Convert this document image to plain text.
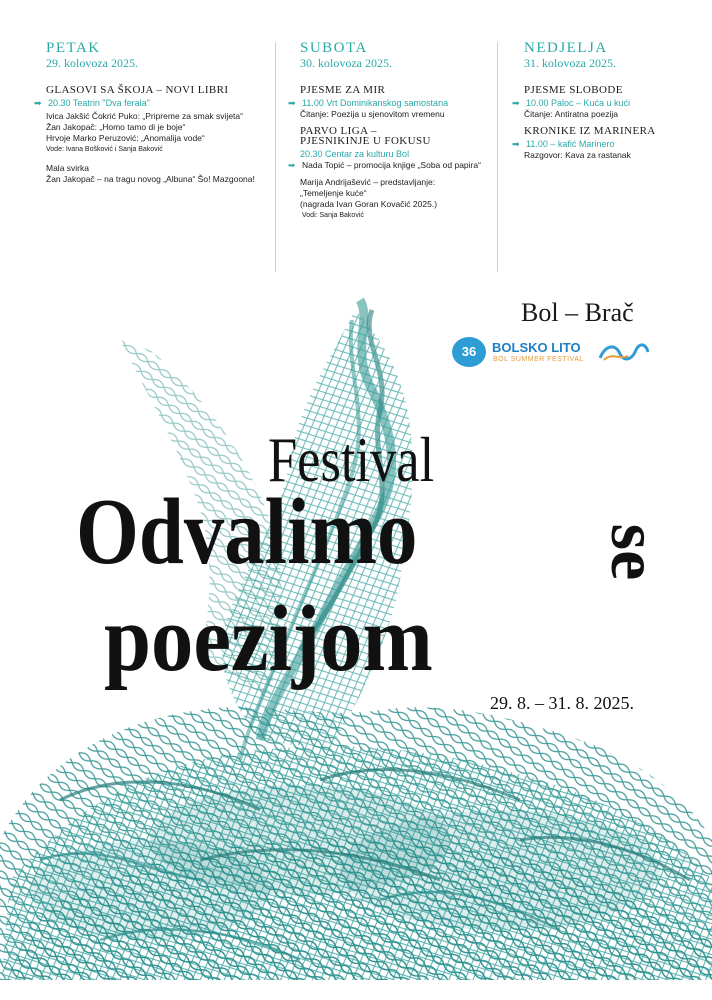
PETAK
29. kolovoza 2025.
GLASOVI SA ŠKOJA – NOVI LIBRI
➡ 20.30 Teatrin "Dva ferala"
Ivica Jakšić Čokrić Puko: „Pripreme za smak svijeta“
Žan Jakopač: „Homo tamo di je boje“
Hrvoje Marko Peruzović: „Anomalija vode“
Vode: Ivana Bošković i Sanja Baković
Mala svirka
Žan Jakopač – na tragu novog „Albuna“ Šo! Mazgoona!
SUBOTA
30. kolovoza 2025.
PJESME ZA MIR
➡ 11.00 Vrt Dominikanskog samostana
Čitanje: Poezija u sjenovitom vremenu
PARVO LIGA –
PJESNIKINJE U FOKUSU
20.30 Centar za kulturu Bol
➡ Nada Topić – promocija knjige „Soba od papira“
Marija Andrijašević – predstavljanje:
„Temeljenje kuće“
(nagrada Ivan Goran Kovačić 2025.)
Vodi: Sanja Baković
NEDJELJA
31. kolovoza 2025.
PJESME SLOBODE
➡ 10.00 Paloc – Kuća u kući
Čitanje: Antiratna poezija
KRONIKE IZ MARINERA
➡ 11.00 – kafić Marinero
Razgovor: Kava za rastanak
Bol – Brač
36	BOLSKO LITO
BOL SUMMER FESTIVAL
Festival
Odvalimo
poezijom
se
29. 8. – 31. 8. 2025.
